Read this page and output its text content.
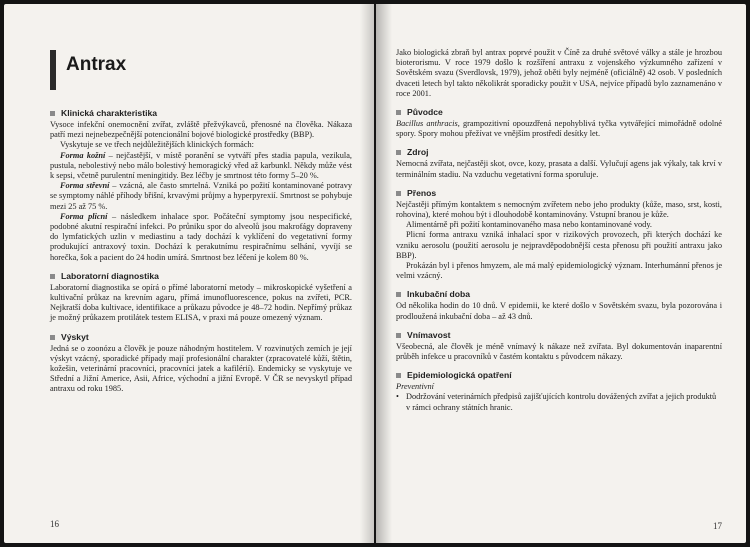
Antrax
Klinická charakteristika

Vysoce infekční onemocnění zvířat, zvláště přežvýkavců, přenosné na člověka. Nákaza patří mezi nejnebezpečnější potencionální bojové biologické prostředky (BBP).

Vyskytuje se ve třech nejdůležitějších klinických formách:

Forma kožní – nejčastější, v místě poranění se vytváří přes stadia papula, vezikula, pustula, nebolestivý nebo málo bolestivý hemoragický vřed až karbunkl. Někdy může vést k sepsi, včetně purulentní meningitidy. Bez léčby je smrtnost této formy 5–20 %.

Forma střevní – vzácná, ale často smrtelná. Vzniká po požití kontaminované potravy se symptomy náhlé příhody břišní, krvavými průjmy a hyperpyrexií. Smrtnost se pohybuje mezi 25 až 75 %.

Forma plicní – následkem inhalace spor. Počáteční symptomy jsou nespecifické, podobné akutní respirační infekci. Po průniku spor do alveolů jsou makrofágy dopraveny do lymfatických uzlin v mediastinu a tady dochází k vyklíčení do vegetativní formy produkující antraxový toxin. Dochází k perakutnímu respiračnímu selhání, vyvíjí se horečka, šok a pacient do 24 hodin umírá. Smrtnost bez léčení je kolem 80 %.

Laboratorní diagnostika

Laboratorní diagnostika se opírá o přímé laboratorní metody – mikroskopické vyšetření a kultivační průkaz na krevním agaru, přímá imunofluorescence, pokus na zvířeti, PCR. Nejkratší doba kultivace, identifikace a průkazu původce je 48–72 hodin. Nepřímý průkaz je možný průkazem protilátek testem ELISA, v praxi má pouze omezený význam.

Výskyt

Jedná se o zoonózu a člověk je pouze náhodným hostitelem. V rozvinutých zemích je její výskyt vzácný, sporadické případy mají profesionální charakter (zpracovatelé kůží, štětin, kožešin, veterinární pracovníci, pracovníci jatek a kafilérií). Endemicky se vyskytuje ve Střední a Jižní Americe, Asii, Africe, východní a jižní Evropě. V ČR se nevyskytl případ antraxu od roku 1985.

16

Jako biologická zbraň byl antrax poprvé použit v Číně za druhé světové války a stále je hrozbou bioterorismu. V roce 1979 došlo k rozšíření antraxu z vojenského výzkumného zařízení v Sovětském svazu (Sverdlovsk, 1979), jehož oběti byly nejméně (oficiálně) 42 osob. V posledních dvaceti letech byl takto několikrát sporadicky použit v USA, nejvíce případů bylo zaznamenáno v roce 2001.

Původce

Bacillus anthracis, grampozitivní opouzdřená nepohyblivá tyčka vytvářející mimořádně odolné spory. Spory mohou přežívat ve vnějším prostředí desítky let.

Zdroj

Nemocná zvířata, nejčastěji skot, ovce, kozy, prasata a další. Vylučují agens jak výkaly, tak krví v terminálním stadiu. Na vzduchu vegetativní forma sporuluje.

Přenos

Nejčastěji přímým kontaktem s nemocným zvířetem nebo jeho produkty (kůže, maso, srst, kosti, rohovina), které mohou být i dlouhodobě kontaminovány. Vstupní branou je kůže.

Alimentárně při požití kontaminovaného masa nebo kontaminované vody.

Plicní forma antraxu vzniká inhalací spor v rizikových provozech, při kterých dochází ke vzniku aerosolu (použití aerosolu je nejpravděpodobnější cesta přenosu při použití antraxu jako BBP).

Prokázán byl i přenos hmyzem, ale má malý epidemiologický význam. Interhumánní přenos je velmi vzácný.

Inkubační doba

Od několika hodin do 10 dnů. V epidemii, ke které došlo v Sovětském svazu, byla pozorována i prodloužená inkubační doba – až 43 dnů.

Vnímavost

Všeobecná, ale člověk je méně vnímavý k nákaze než zvířata. Byl dokumentován inaparentní průběh infekce u pracovníků v častém kontaktu s původcem nákazy.

Epidemiologická opatření
Preventivní
• Dodržování veterinárních předpisů zajišťujících kontrolu dovážených zvířat a jejich produktů v rámci ochrany státních hranic.
17
